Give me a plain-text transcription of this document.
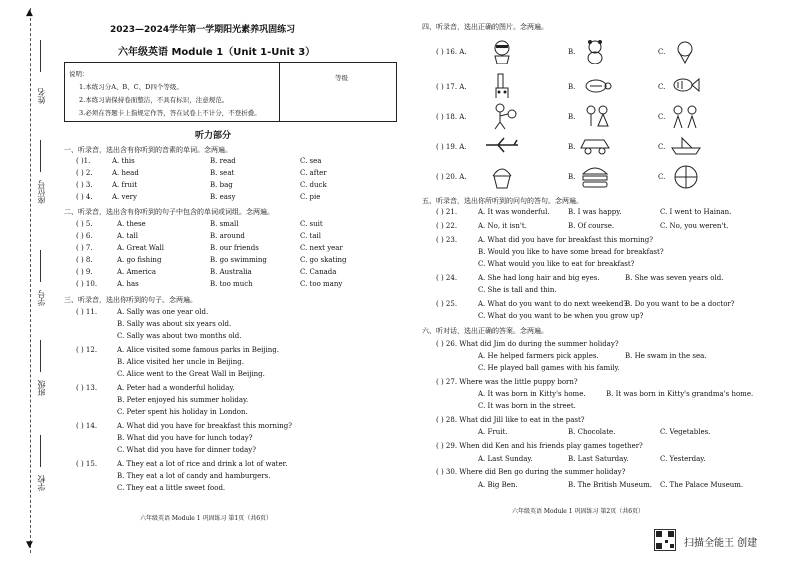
▲
姓名
座位号
学号
班级
学校
▼
2023—2024学年第一学期阳光素养巩固练习
六年级英语 Module 1（Unit 1-Unit 3）
说明：
1.本练习分A、B、C、D四个等级。
2.本练习请保持卷面整洁，不具有标识，注意规范。
3.必须在答题卡上指规定作答，答在试卷上不计分，不登折叠。
等级
听力部分
一、听录音，选出含有你听到的音素的单词。念两遍。
( )1.	A. this	B. read	C. sea
( ) 2.	A. head	B. seat	C. after
( ) 3.	A. fruit	B. bag	C. duck
( ) 4.	A. very	B. easy	C. pie
二、听录音，选出含有你听到的句子中包含的单词或词组。念两遍。
( ) 5.	A. these	B. small	C. suit
( ) 6.	A. tall	B. around	C. tail
( ) 7.	A. Great Wall	B. our friends	C. next year
( ) 8.	A. go fishing	B. go swimming	C. go skating
( ) 9.	A. America	B. Australia	C. Canada
( ) 10.	A. has	B. too much	C. too many
三、听录音，选出你听到的句子。念两遍。
( ) 11.	A. Sally was one year old.
B. Sally was about six years old.
C. Sally was about two months old.
( ) 12.	A. Alice visited some famous parks in Beijing.
B. Alice visited her uncle in Beijing.
C. Alice went to the Great Wall in Beijing.
( ) 13.	A. Peter had a wonderful holiday.
B. Peter enjoyed his summer holiday.
C. Peter spent his holiday in London.
( ) 14.	A. What did you have for breakfast this morning?
B. What did you have for lunch today?
C. What did you have for dinner today?
( ) 15.	A. They eat a lot of rice and drink a lot of water.
B. They eat a lot of candy and hamburgers.
C. They eat a little sweet food.
六年级英语 Module 1 巩固练习 第1页（共6页）
四、听录音，选出正确的图片。念两遍。
( ) 16. A.	B.	C.
( ) 17. A.	B.	C.
( ) 18. A.	B.	C.
( ) 19. A.	B.	C.
( ) 20. A.	B.	C.
五、听录音，选出你所听到的问句的答句。念两遍。
( ) 21.	A. It was wonderful.	B. I was happy.	C. I went to Hainan.
( ) 22.	A. No, it isn't.	B. Of course.	C. No, you weren't.
( ) 23.	A. What did you have for breakfast this morning?
B. Would you like to have some bread for breakfast?
C. What would you like to eat for breakfast?
( ) 24.	A. She had long hair and big eyes.	B. She was seven years old.
C. She is tall and thin.
( ) 25.	A. What do you want to do next weekend?
B. Do you want to be a doctor?
C. What do you want to be when you grow up?
六、听对话，选出正确的答案。念两遍。
( ) 26. What did Jim do during the summer holiday?
A. He helped farmers pick apples.	B. He swam in the sea.
C. He played ball games with his family.
( ) 27. Where was the little puppy born?
A. It was born in Kitty's home.	B. It was born in Kitty's grandma's home.
C. It was born in the street.
( ) 28. What did Jill like to eat in the past?
A. Fruit.	B. Chocolate.	C. Vegetables.
( ) 29. When did Ken and his friends play games together?
A. Last Sunday.	B. Last Saturday.	C. Yesterday.
( ) 30. Where did Ben go during the summer holiday?
A. Big Ben.	B. The British Museum. C. The Palace Museum.
六年级英语 Module 1 巩固练习 第2页（共6页）
扫描全能王 创建
